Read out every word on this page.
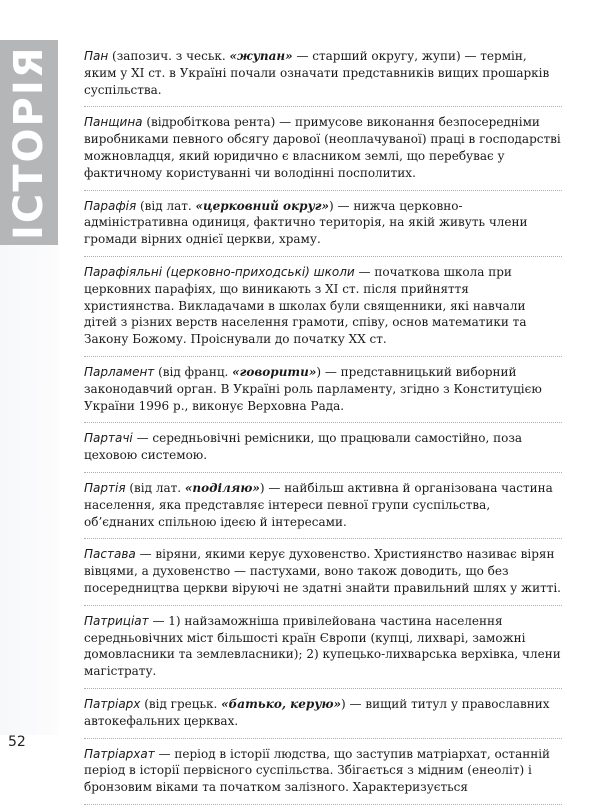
ІСТОРІЯ
52

Пан (запозич. з чеськ. «жупан» — старший округу, жупи) — термін, яким у XI ст. в Україні почали означати представників вищих прошарків суспільства.

Панщина (відробіткова рента) — примусове виконання безпосередніми виробниками певного обсягу дарової (неоплачуваної) праці в господарстві можновладця, який юридично є власником землі, що перебуває у фактичному користуванні чи володінні посполитих.

Парафія (від лат. «церковний округ») — нижча церковно-адміністративна одиниця, фактично територія, на якій живуть члени громади вірних однієї церкви, храму.

Парафіяльні (церковно-приходські) школи — початкова школа при церковних парафіях, що виникають з XI ст. після прийняття християнства. Викладачами в школах були священники, які навчали дітей з різних верств населення грамоти, співу, основ математики та Закону Божому. Проіснували до початку XX ст.

Парламент (від франц. «говорити») — представницький виборний законодавчий орган. В Україні роль парламенту, згідно з Конституцією України 1996 р., виконує Верховна Рада.

Партачі — середньовічні ремісники, що працювали самостійно, поза цеховою системою.

Партія (від лат. «поділяю») — найбільш активна й організована частина населення, яка представляє інтереси певної групи суспільства, об’єднаних спільною ідеєю й інтересами.

Пастава — віряни, якими керує духовенство. Християнство називає вірян вівцями, а духовенство — пастухами, воно також доводить, що без посередництва церкви віруючі не здатні знайти правильний шлях у житті.

Патриціат — 1) найзаможніша привілейована частина населення середньовічних міст більшості країн Європи (купці, лихварі, заможні домовласники та землевласники); 2) купецько-лихварська верхівка, члени магістрату.

Патріарх (від грецьк. «батько, керую») — вищий титул у православних автокефальних церквах.

Патріархат — період в історії людства, що заступив матріархат, останній період в історії первісного суспільства. Збігається з мідним (енеоліт) і бронзовим віками та початком залізного. Характеризується
